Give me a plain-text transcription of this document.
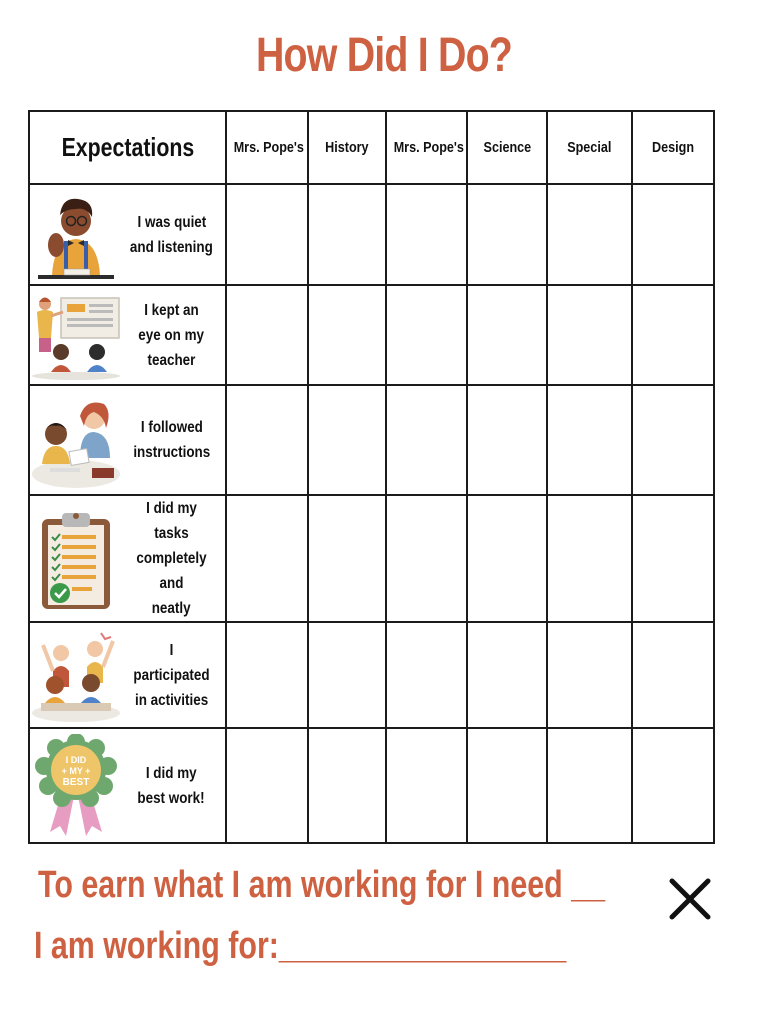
How Did I Do?
Expectations	Mrs. Pope's	History	Mrs. Pope's	Science	Special	Design

I was quiet
and listening						

I kept an
eye on my
teacher						

I followed
instructions						

I did my tasks
completely and
neatly						

I participated
in activities						

I DID
+ MY +
BEST
I did my
best work!						

To earn what I am working for I need __
I am working for:_________________
